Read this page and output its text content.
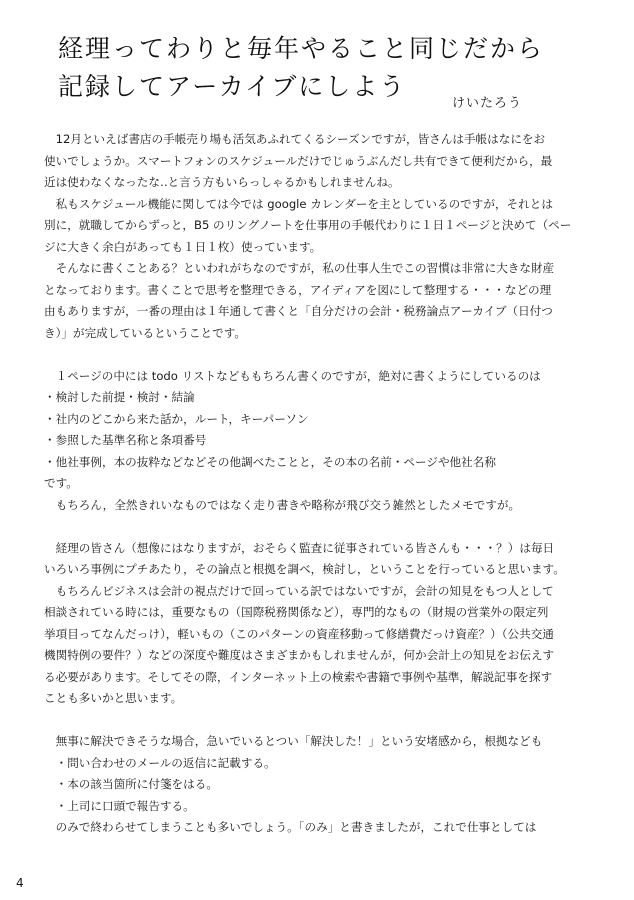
経理ってわりと毎年やること同じだから
記録してアーカイブにしよう
けいたろう
　12月といえば書店の手帳売り場も活気あふれてくるシーズンですが，皆さんは手帳はなにをお
使いでしょうか。スマートフォンのスケジュールだけでじゅうぶんだし共有できて便利だから，最
近は使わなくなったな‥と言う方もいらっしゃるかもしれませんね。
　私もスケジュール機能に関しては今では google カレンダーを主としているのですが，それとは
別に，就職してからずっと，B5 のリングノートを仕事用の手帳代わりに１日１ページと決めて（ペー
ジに大きく余白があっても１日１枚）使っています。
　そんなに書くことある？といわれがちなのですが，私の仕事人生でこの習慣は非常に大きな財産
となっております。書くことで思考を整理できる，アイディアを図にして整理する・・・などの理
由もありますが，一番の理由は１年通して書くと「自分だけの会計・税務論点アーカイブ（日付つ
き）」が完成しているということです。
　１ページの中には todo リストなどももちろん書くのですが，絶対に書くようにしているのは
・検討した前提・検討・結論
・社内のどこから来た話か，ルート，キーパーソン
・参照した基準名称と条項番号
・他社事例，本の抜粋などなどその他調べたことと，その本の名前・ページや他社名称
です。
　もちろん，全然きれいなものではなく走り書きや略称が飛び交う雑然としたメモですが。
　経理の皆さん（想像にはなりますが，おそらく監査に従事されている皆さんも・・・？）は毎日
いろいろ事例にプチあたり，その論点と根拠を調べ，検討し，ということを行っていると思います。
　もちろんビジネスは会計の視点だけで回っている訳ではないですが，会計の知見をもつ人として
相談されている時には，重要なもの（国際税務関係など），専門的なもの（財規の営業外の限定列
挙項目ってなんだっけ），軽いもの（このパターンの資産移動って修繕費だっけ資産？）（公共交通
機関特例の要件？）などの深度や難度はさまざまかもしれませんが，何か会計上の知見をお伝えす
る必要があります。そしてその際，インターネット上の検索や書籍で事例や基準，解説記事を探す
ことも多いかと思います。
　無事に解決できそうな場合，急いでいるとつい「解決した！」という安堵感から，根拠なども
　・問い合わせのメールの返信に記載する。
　・本の該当箇所に付箋をはる。
　・上司に口頭で報告する。
　のみで終わらせてしまうことも多いでしょう。「のみ」と書きましたが，これで仕事としては
4
